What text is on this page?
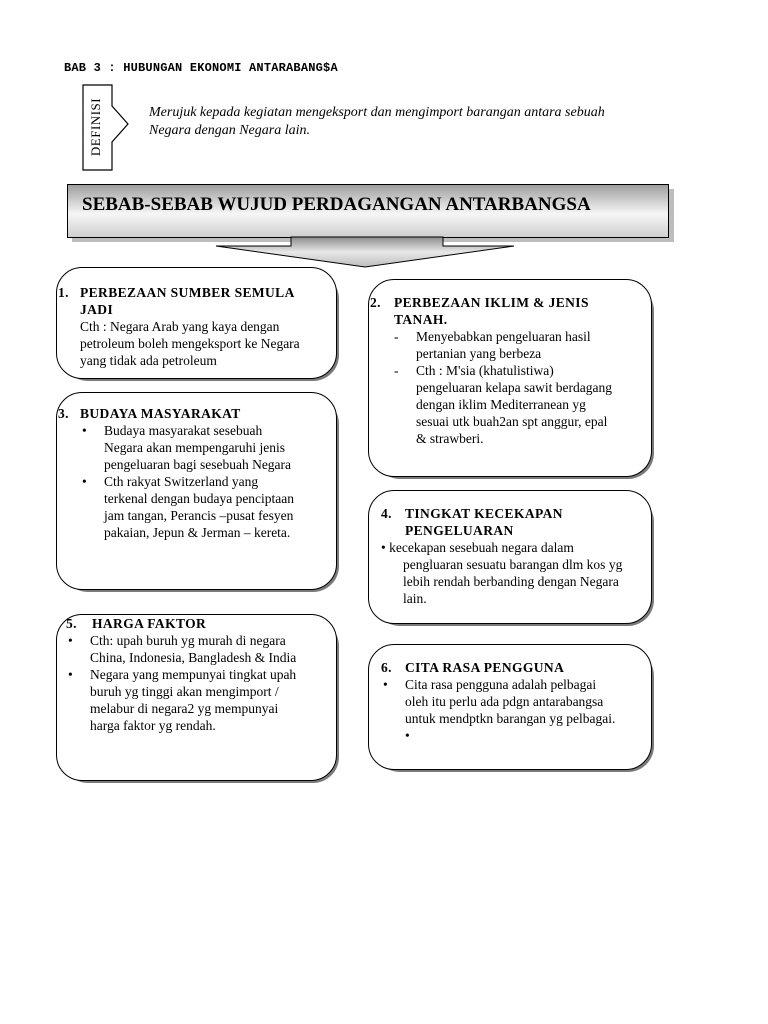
BAB 3 : HUBUNGAN EKONOMI ANTARABANG$A
DEFINISI	Merujuk kepada kegiatan mengeksport dan mengimport barangan antara sebuah Negara dengan Negara lain.
SEBAB-SEBAB WUJUD PERDAGANGAN ANTARBANGSA
1. PERBEZAAN SUMBER SEMULA
JADI
Cth : Negara Arab yang kaya dengan
petroleum boleh mengeksport ke Negara
yang tidak ada petroleum
2. PERBEZAAN IKLIM & JENIS
TANAH.
- Menyebabkan pengeluaran hasil
pertanian yang berbeza
- Cth : M'sia (khatulistiwa)
pengeluaran kelapa sawit berdagang
dengan iklim Mediterranean yg
sesuai utk buah2an spt anggur, epal
& strawberi.
3. BUDAYA MASYARAKAT
• Budaya masyarakat sesebuah
Negara akan mempengaruhi jenis
pengeluaran bagi sesebuah Negara
• Cth rakyat Switzerland yang
terkenal dengan budaya penciptaan
jam tangan, Perancis –pusat fesyen
pakaian, Jepun & Jerman – kereta.
4. TINGKAT KECEKAPAN
PENGELUARAN
• kecekapan sesebuah negara dalam
pengluaran sesuatu barangan dlm kos yg
lebih rendah berbanding dengan Negara
lain.
5. HARGA FAKTOR
• Cth: upah buruh yg murah di negara
China, Indonesia, Bangladesh & India
• Negara yang mempunyai tingkat upah
buruh yg tinggi akan mengimport /
melabur di negara2 yg mempunyai
harga faktor yg rendah.
6. CITA RASA PENGGUNA
• Cita rasa pengguna adalah pelbagai
oleh itu perlu ada pdgn antarabangsa
untuk mendptkn barangan yg pelbagai.
•
